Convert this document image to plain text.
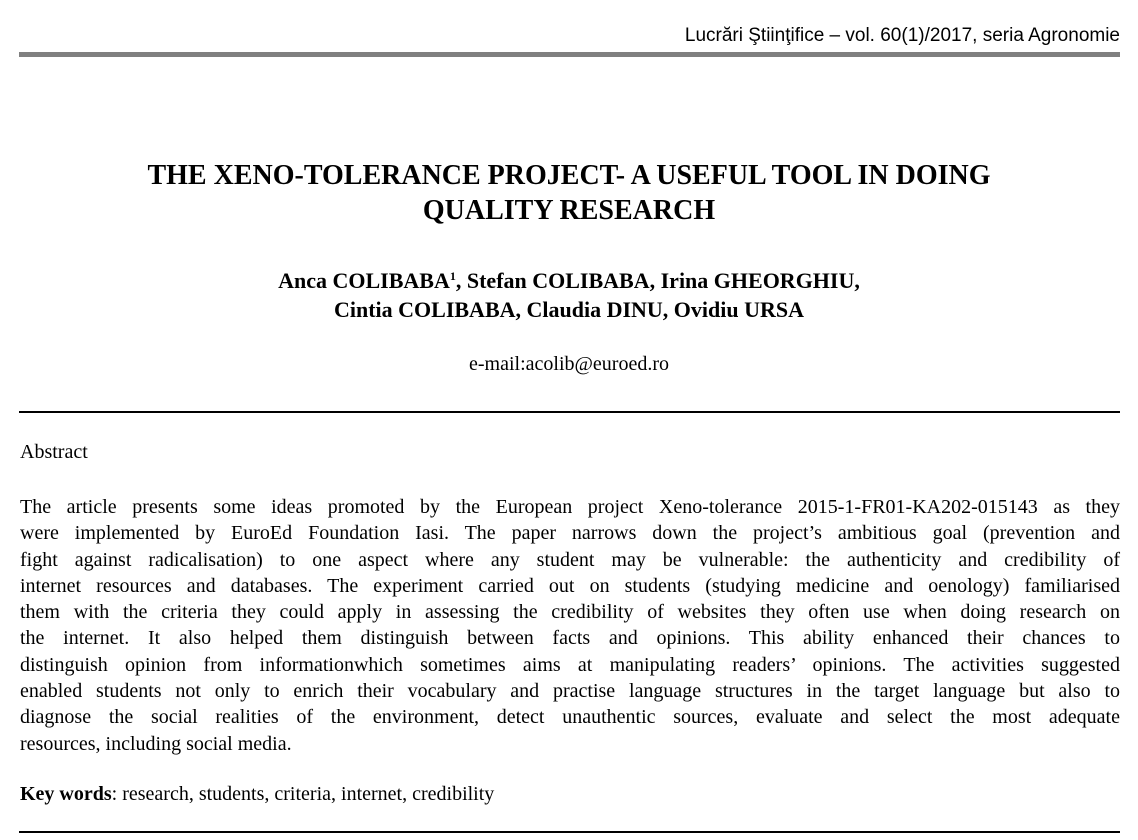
Lucrări Ştiinţifice – vol. 60(1)/2017, seria Agronomie
THE XENO-TOLERANCE PROJECT- A USEFUL TOOL IN DOING
QUALITY RESEARCH
Anca COLIBABA$^1$, Stefan COLIBABA, Irina GHEORGHIU,
Cintia COLIBABA, Claudia DINU, Ovidiu URSA
e-mail:acolib@euroed.ro
Abstract
The article presents some ideas promoted by the European project Xeno-tolerance 2015-1-FR01-KA202-015143 as they
were implemented by EuroEd Foundation Iasi. The paper narrows down the project’s ambitious goal (prevention and
fight against radicalisation) to one aspect where any student may be vulnerable: the authenticity and credibility of
internet resources and databases. The experiment carried out on students (studying medicine and oenology) familiarised
them with the criteria they could apply in assessing the credibility of websites they often use when doing research on
the internet. It also helped them distinguish between facts and opinions. This ability enhanced their chances to
distinguish opinion from informationwhich sometimes aims at manipulating readers’ opinions. The activities suggested
enabled students not only to enrich their vocabulary and practise language structures in the target language but also to
diagnose the social realities of the environment, detect unauthentic sources, evaluate and select the most adequate
resources, including social media.
Key words: research, students, criteria, internet, credibility
